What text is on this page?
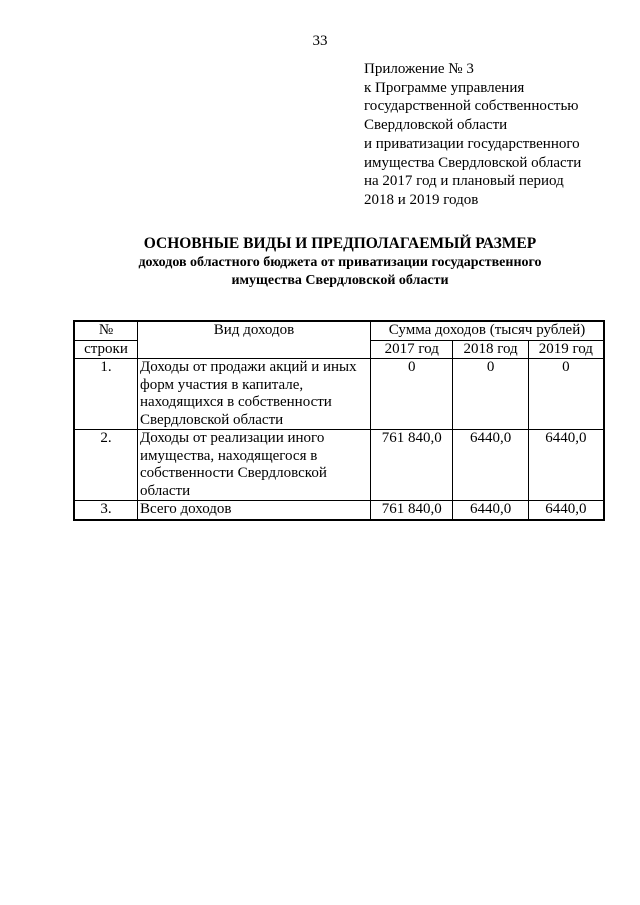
33
Приложение № 3
к Программе управления
государственной собственностью
Свердловской области
и приватизации государственного
имущества Свердловской области
на 2017 год и плановый период
2018 и 2019 годов
ОСНОВНЫЕ ВИДЫ И ПРЕДПОЛАГАЕМЫЙ РАЗМЕР
доходов областного бюджета от приватизации государственного
имущества Свердловской области
№	Вид доходов	Сумма доходов (тысяч рублей)		
строки		2017 год	2018 год	2019 год
1.	Доходы от продажи акций и иных форм участия в капитале, находящихся в собственности Свердловской области	0	0	0
2.	Доходы от реализации иного имущества, находящегося в собственности Свердловской области	761 840,0	6440,0	6440,0
3.	Всего доходов	761 840,0	6440,0	6440,0
